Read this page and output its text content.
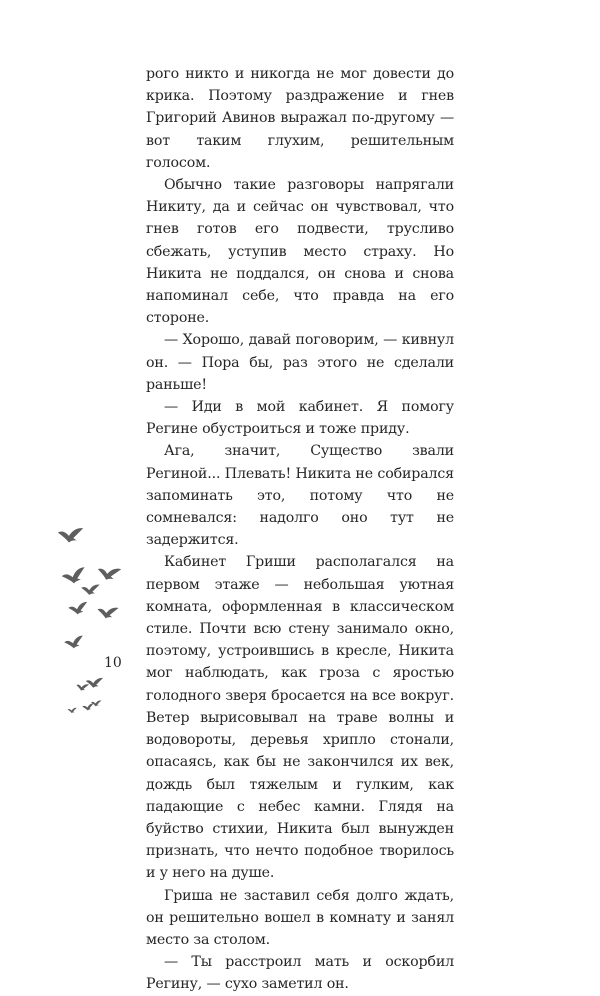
рого никто и никогда не мог довести до крика. Поэтому раздражение и гнев Григорий Авинов выражал по-другому — вот таким глухим, решительным голосом.

Обычно такие разговоры напрягали Никиту, да и сейчас он чувствовал, что гнев готов его подвести, трусливо сбежать, уступив место страху. Но Никита не поддался, он снова и снова напоминал себе, что правда на его стороне.

— Хорошо, давай поговорим, — кивнул он. — Пора бы, раз этого не сделали раньше!

— Иди в мой кабинет. Я помогу Регине обустроиться и тоже приду.

Ага, значит, Существо звали Региной... Плевать! Никита не собирался запоминать это, потому что не сомневался: надолго оно тут не задержится.

Кабинет Гриши располагался на первом этаже — небольшая уютная комната, оформленная в классическом стиле. Почти всю стену занимало окно, поэтому, устроившись в кресле, Никита мог наблюдать, как гроза с яростью голодного зверя бросается на все вокруг. Ветер вырисовывал на траве волны и водовороты, деревья хрипло стонали, опасаясь, как бы не закончился их век, дождь был тяжелым и гулким, как падающие с небес камни. Глядя на буйство стихии, Никита был вынужден признать, что нечто подобное творилось и у него на душе.

Гриша не заставил себя долго ждать, он решительно вошел в комнату и занял место за столом.

— Ты расстроил мать и оскорбил Регину, — сухо заметил он.

10
